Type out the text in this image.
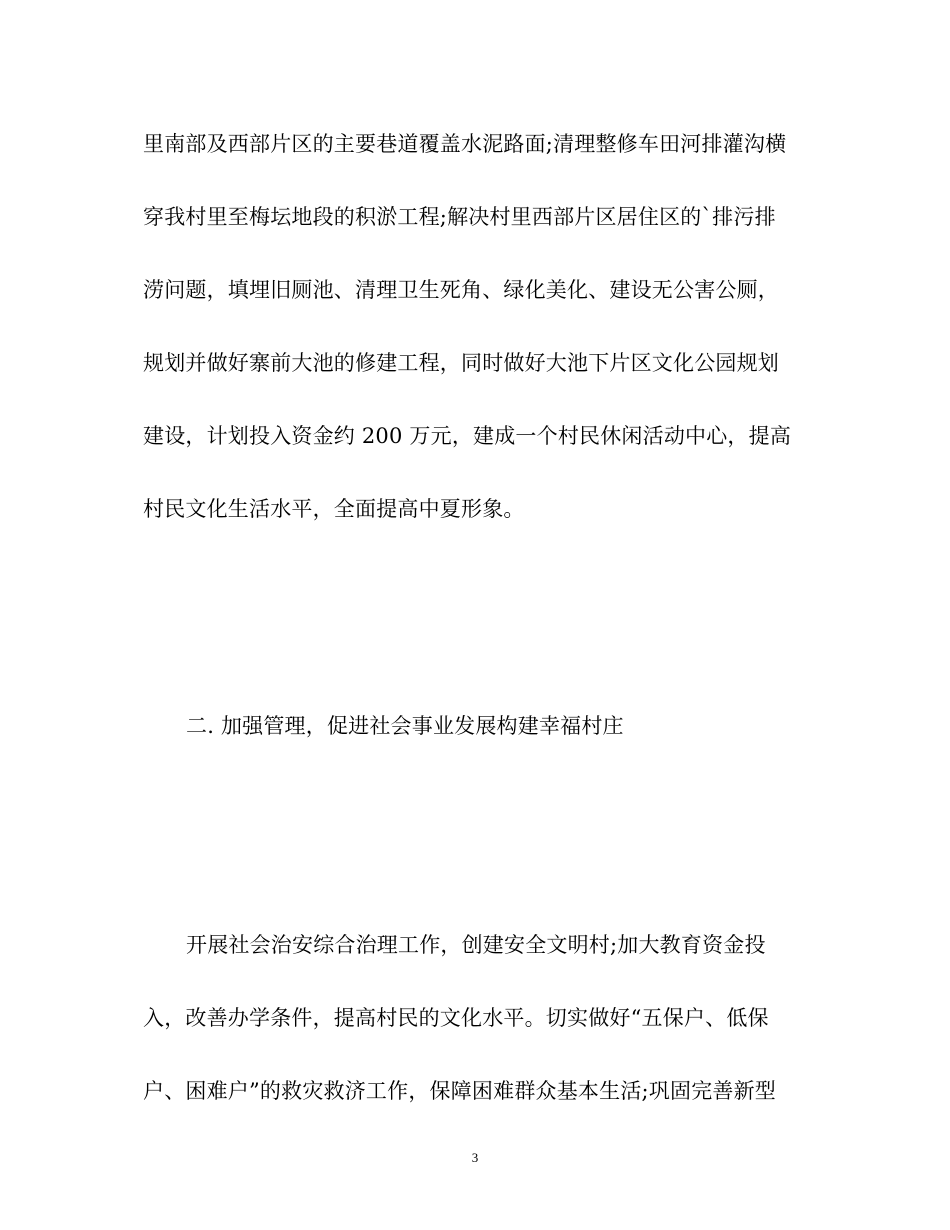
里南部及西部片区的主要巷道覆盖水泥路面;清理整修车田河排灌沟横
穿我村里至梅坛地段的积淤工程;解决村里西部片区居住区的`排污排
涝问题，填埋旧厕池、清理卫生死角、绿化美化、建设无公害公厕，
规划并做好寨前大池的修建工程，同时做好大池下片区文化公园规划
建设，计划投入资金约 200 万元，建成一个村民休闲活动中心，提高
村民文化生活水平，全面提高中夏形象。
二. 加强管理，促进社会事业发展构建幸福村庄
开展社会治安综合治理工作，创建安全文明村;加大教育资金投
入，改善办学条件，提高村民的文化水平。切实做好“五保户、低保
户、困难户”的救灾救济工作，保障困难群众基本生活;巩固完善新型
3
